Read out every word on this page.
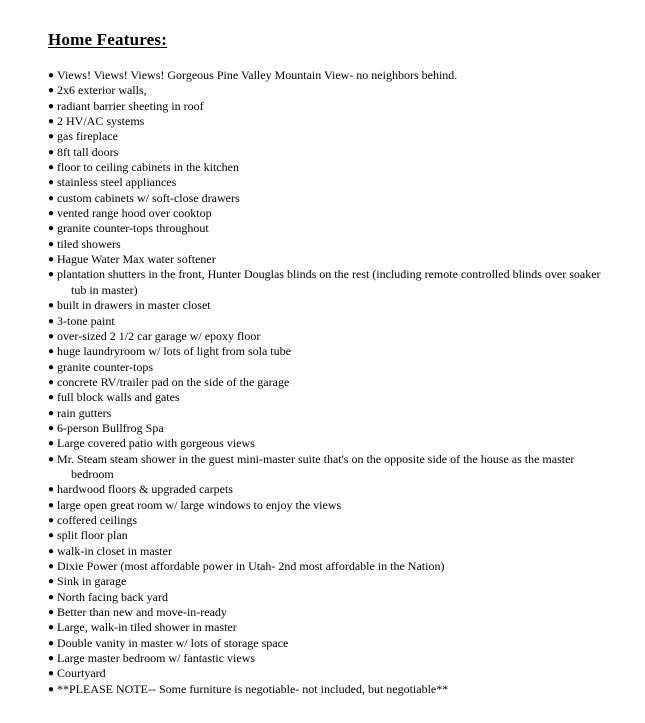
Home Features:
● Views! Views! Views! Gorgeous Pine Valley Mountain View- no neighbors behind.
● 2x6 exterior walls,
● radiant barrier sheeting in roof
● 2 HV/AC systems
● gas fireplace
● 8ft tall doors
● floor to ceiling cabinets in the kitchen
● stainless steel appliances
● custom cabinets w/ soft-close drawers
● vented range hood over cooktop
● granite counter-tops throughout
● tiled showers
● Hague Water Max water softener
● plantation shutters in the front, Hunter Douglas blinds on the rest (including remote controlled blinds over soaker
tub in master)
● built in drawers in master closet
● 3-tone paint
● over-sized 2 1/2 car garage w/ epoxy floor
● huge laundryroom w/ lots of light from sola tube
● granite counter-tops
● concrete RV/trailer pad on the side of the garage
● full block walls and gates
● rain gutters
● 6-person Bullfrog Spa
● Large covered patio with gorgeous views
● Mr. Steam steam shower in the guest mini-master suite that's on the opposite side of the house as the master
bedroom
● hardwood floors & upgraded carpets
● large open great room w/ large windows to enjoy the views
● coffered ceilings
● split floor plan
● walk-in closet in master
● Dixie Power (most affordable power in Utah- 2nd most affordable in the Nation)
● Sink in garage
● North facing back yard
● Better than new and move-in-ready
● Large, walk-in tiled shower in master
● Double vanity in master w/ lots of storage space
● Large master bedroom w/ fantastic views
● Courtyard
● **PLEASE NOTE-- Some furniture is negotiable- not included, but negotiable**
